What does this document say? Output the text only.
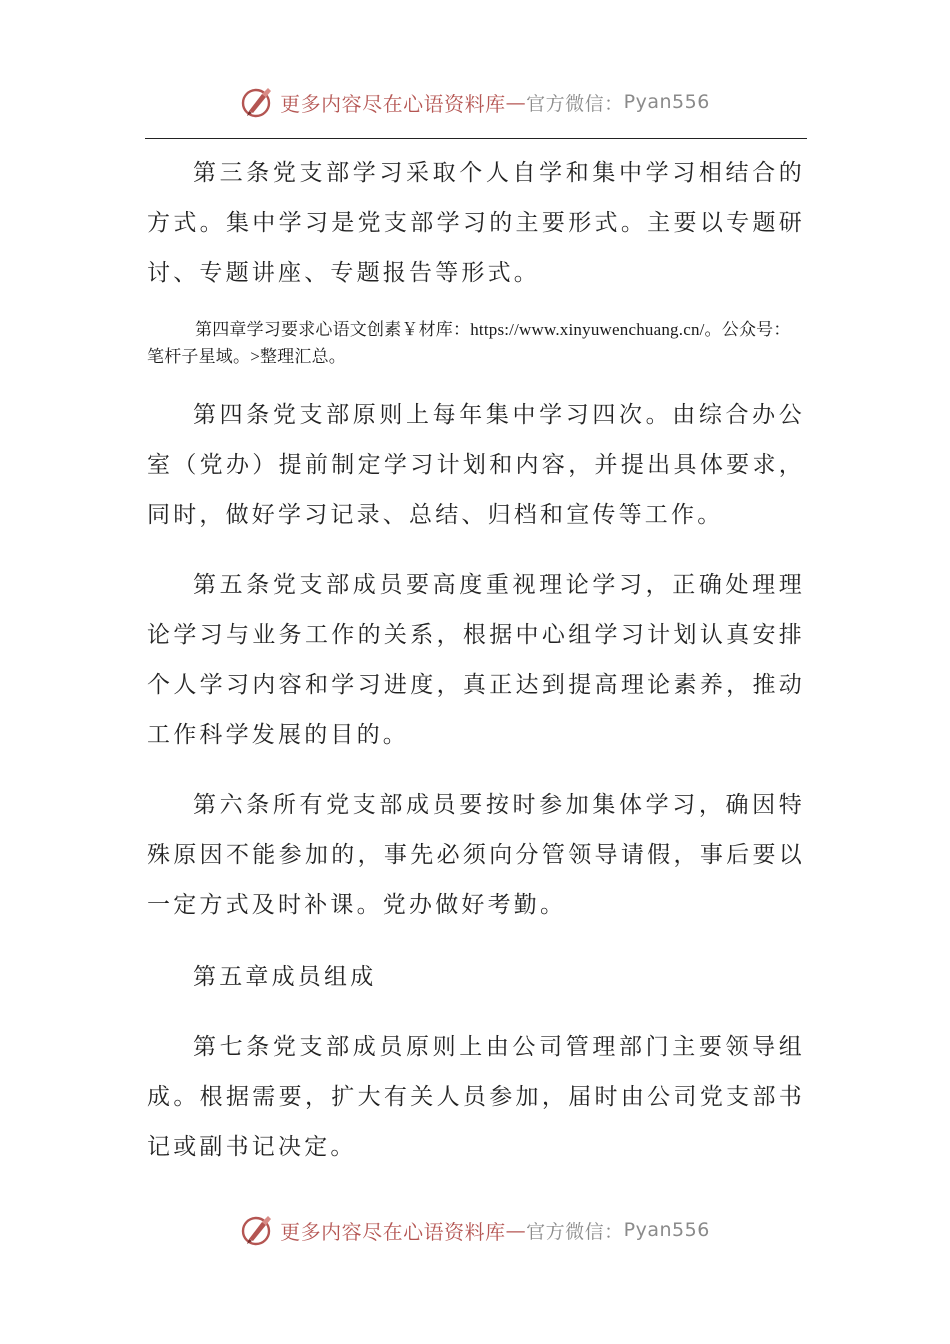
更多内容尽在心语资料库 — 官方微信： Pyan556

第三条党支部学习采取个人自学和集中学习相结合的方式。集中学习是党支部学习的主要形式。主要以专题研讨、专题讲座、专题报告等形式。

第四章学习要求心语文创素￥材库：https://www.xinyuwenchuang.cn/。公众号：笔杆子星域。>整理汇总。

第四条党支部原则上每年集中学习四次。由综合办公室（党办）提前制定学习计划和内容，并提出具体要求，同时，做好学习记录、总结、归档和宣传等工作。

第五条党支部成员要高度重视理论学习，正确处理理论学习与业务工作的关系，根据中心组学习计划认真安排个人学习内容和学习进度，真正达到提高理论素养，推动工作科学发展的目的。

第六条所有党支部成员要按时参加集体学习，确因特殊原因不能参加的，事先必须向分管领导请假，事后要以一定方式及时补课。党办做好考勤。

第五章成员组成

第七条党支部成员原则上由公司管理部门主要领导组成。根据需要，扩大有关人员参加，届时由公司党支部书记或副书记决定。

更多内容尽在心语资料库 — 官方微信： Pyan556
